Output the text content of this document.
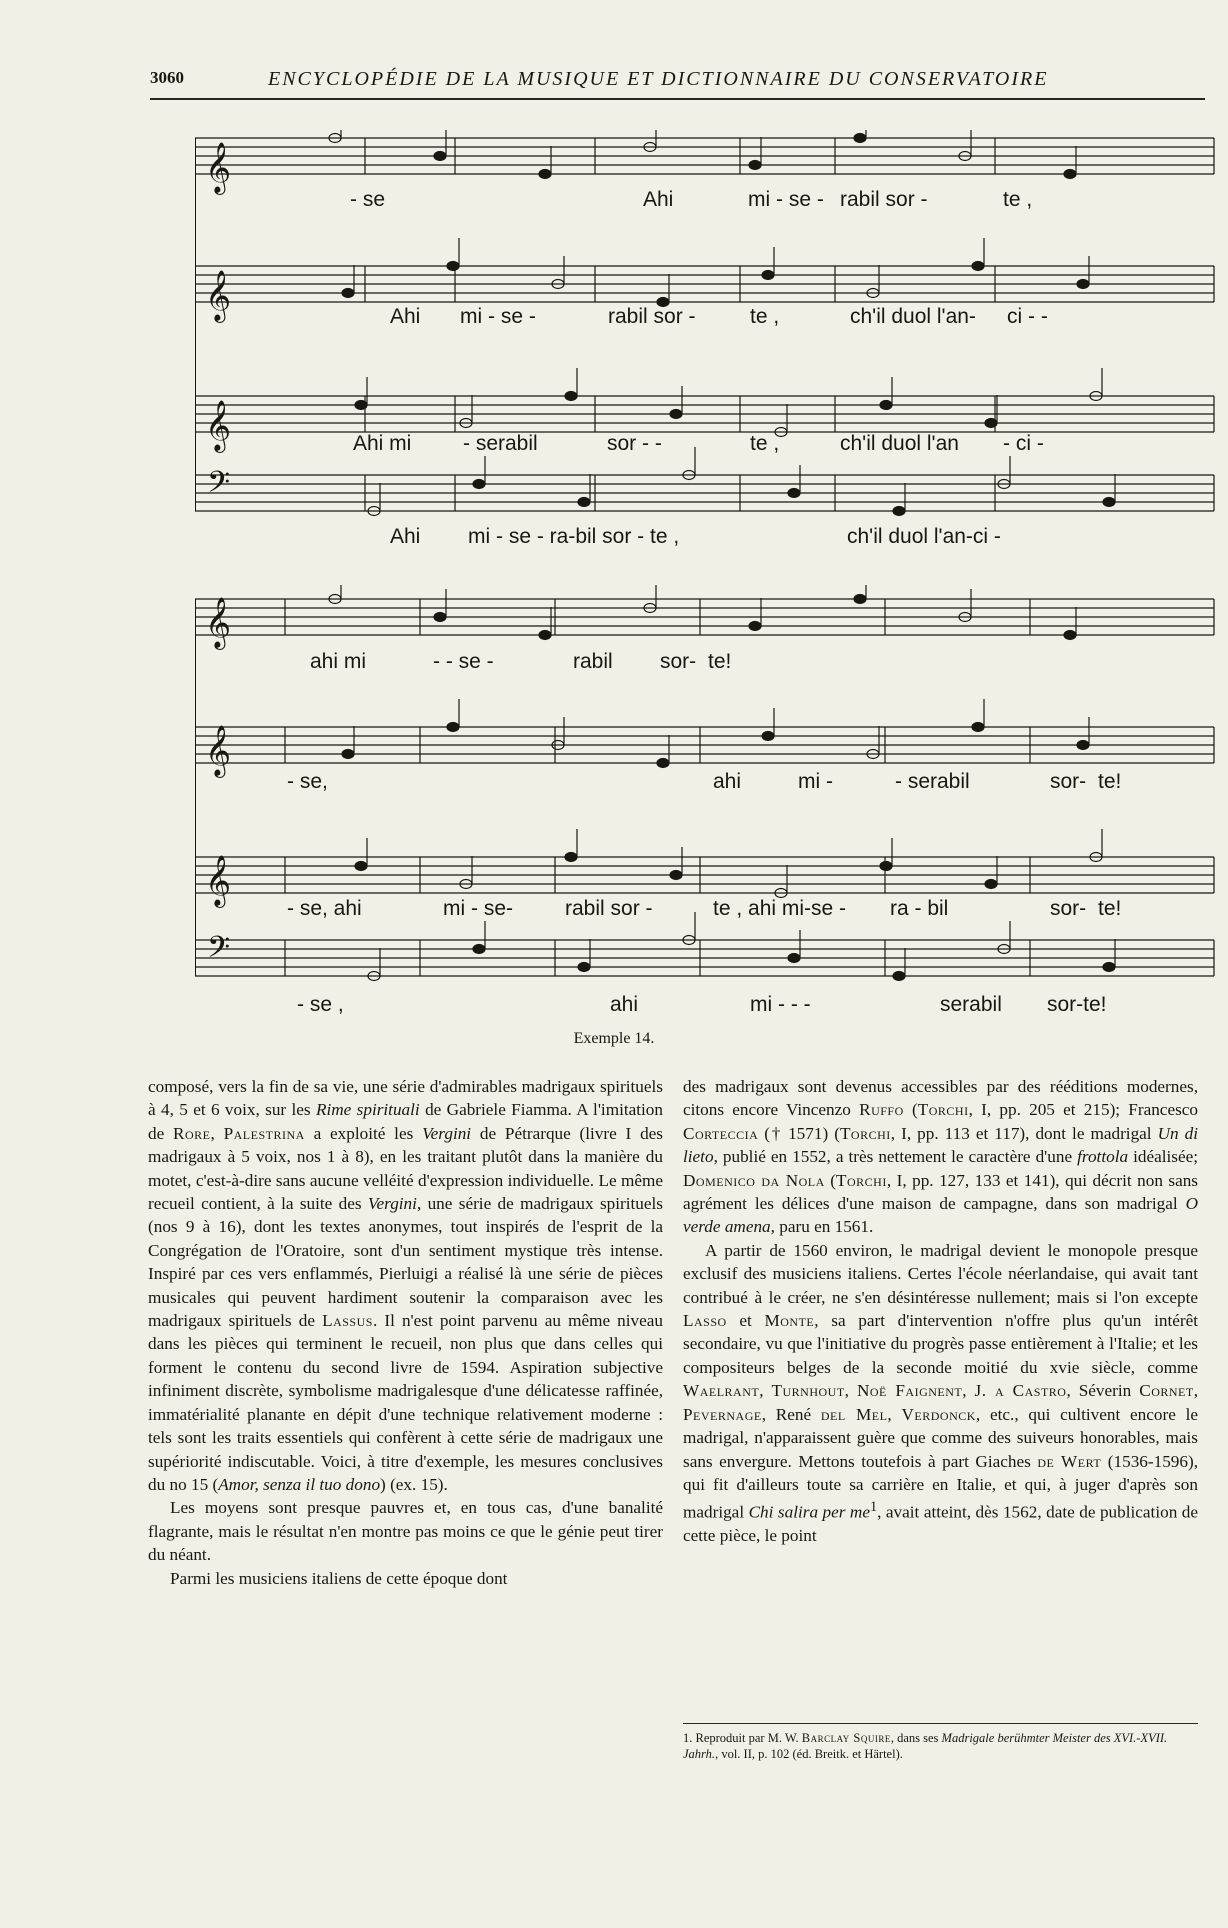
3060	ENCYCLOPÉDIE DE LA MUSIQUE ET DICTIONNAIRE DU CONSERVATOIRE
𝄞
𝄞
𝄞
𝄢
- se	Ahi	mi - se - rabil sor -	te ,
Ahi mi - se -	rabil sor -	te ,	ch'il duol l'an- ci - -
Ahi mi - serabil	sor - -	te ,	ch'il duol l'an - ci -
Ahi mi - se - ra-bil sor - te ,	ch'il duol l'an-ci -
𝄞
𝄞
𝄞
𝄢
ahi mi	- - se -	rabil sor- te!
- se,	ahi	mi -	- serabil	sor- te!
- se, ahi	mi - se- rabil sor -	te , ahi mi-se - ra - bil	sor- te!
- se ,	ahi	mi - - -	serabil sor-te!
Exemple 14.

composé, vers la fin de sa vie, une série d'admirables madrigaux spirituels à 4, 5 et 6 voix, sur les Rime spirituali de Gabriele Fiamma. A l'imitation de Rore, Palestrina a exploité les Vergini de Pétrarque (livre I des madrigaux à 5 voix, nos 1 à 8), en les traitant plutôt dans la manière du motet, c'est-à-dire sans aucune velléité d'expression individuelle. Le même recueil contient, à la suite des Vergini, une série de madrigaux spirituels (nos 9 à 16), dont les textes anonymes, tout inspirés de l'esprit de la Congrégation de l'Oratoire, sont d'un sentiment mystique très intense. Inspiré par ces vers enflammés, Pierluigi a réalisé là une série de pièces musicales qui peuvent hardiment soutenir la comparaison avec les madrigaux spirituels de Lassus. Il n'est point parvenu au même niveau dans les pièces qui terminent le recueil, non plus que dans celles qui forment le contenu du second livre de 1594. Aspiration subjective infiniment discrète, symbolisme madrigalesque d'une délicatesse raffinée, immatérialité planante en dépit d'une technique relativement moderne : tels sont les traits essentiels qui confèrent à cette série de madrigaux une supériorité indiscutable. Voici, à titre d'exemple, les mesures conclusives du no 15 (Amor, senza il tuo dono) (ex. 15).

Les moyens sont presque pauvres et, en tous cas, d'une banalité flagrante, mais le résultat n'en montre pas moins ce que le génie peut tirer du néant.

Parmi les musiciens italiens de cette époque dont

des madrigaux sont devenus accessibles par des rééditions modernes, citons encore Vincenzo Ruffo (Torchi, I, pp. 205 et 215); Francesco Corteccia († 1571) (Torchi, I, pp. 113 et 117), dont le madrigal Un di lieto, publié en 1552, a très nettement le caractère d'une frottola idéalisée; Domenico da Nola (Torchi, I, pp. 127, 133 et 141), qui décrit non sans agrément les délices d'une maison de campagne, dans son madrigal O verde amena, paru en 1561.

A partir de 1560 environ, le madrigal devient le monopole presque exclusif des musiciens italiens. Certes l'école néerlandaise, qui avait tant contribué à le créer, ne s'en désintéresse nullement; mais si l'on excepte Lasso et Monte, sa part d'intervention n'offre plus qu'un intérêt secondaire, vu que l'initiative du progrès passe entièrement à l'Italie; et les compositeurs belges de la seconde moitié du xvie siècle, comme Waelrant, Turnhout, Noë Faignent, J. a Castro, Séverin Cornet, Pevernage, René del Mel, Verdonck, etc., qui cultivent encore le madrigal, n'apparaissent guère que comme des suiveurs honorables, mais sans envergure. Mettons toutefois à part Giaches de Wert (1536-1596), qui fit d'ailleurs toute sa carrière en Italie, et qui, à juger d'après son madrigal Chi salira per $me^1$, avait atteint, dès 1562, date de publication de cette pièce, le point

1. Reproduit par M. W. Barclay Squire, dans ses Madrigale berühmter Meister des XVI.-XVII. Jahrh., vol. II, p. 102 (éd. Breitk. et Härtel).
